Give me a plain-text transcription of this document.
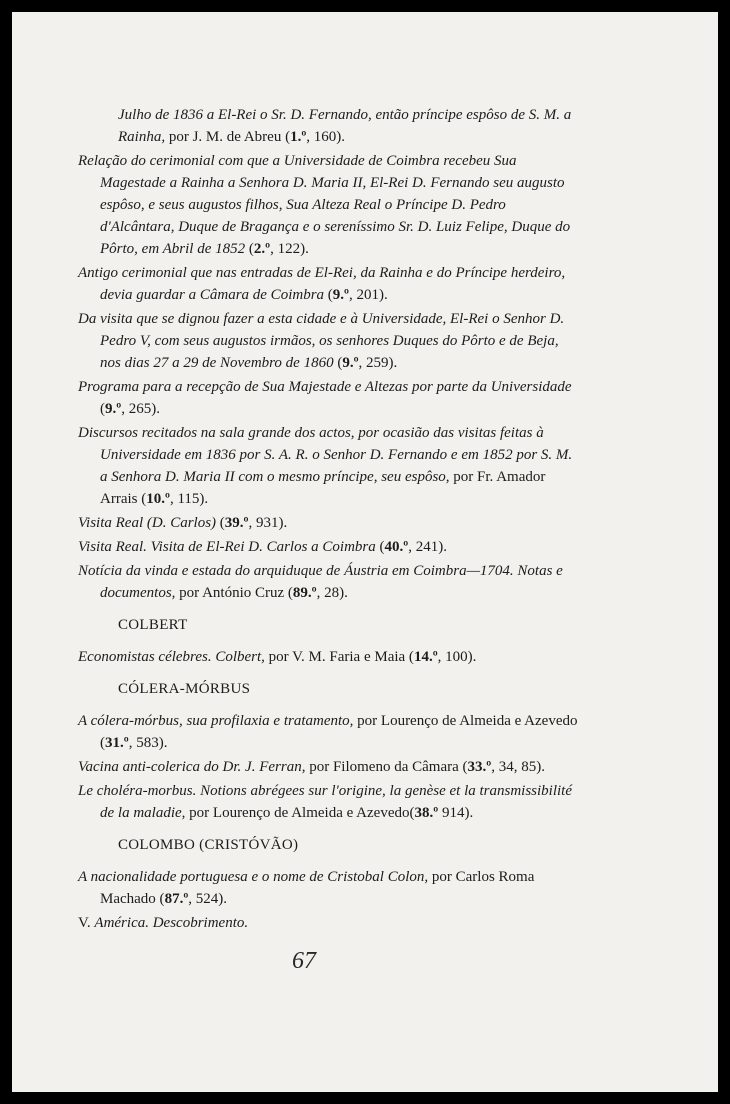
Julho de 1836 a El-Rei o Sr. D. Fernando, então príncipe espôso de S. M. a Rainha, por J. M. de Abreu (1.º, 160).
Relação do cerimonial com que a Universidade de Coimbra recebeu Sua Magestade a Rainha a Senhora D. Maria II, El-Rei D. Fernando seu augusto espôso, e seus augustos filhos, Sua Alteza Real o Príncipe D. Pedro d'Alcântara, Duque de Bragança e o sereníssimo Sr. D. Luiz Felipe, Duque do Pôrto, em Abril de 1852 (2.º, 122).
Antigo cerimonial que nas entradas de El-Rei, da Rainha e do Príncipe herdeiro, devia guardar a Câmara de Coimbra (9.º, 201).
Da visita que se dignou fazer a esta cidade e à Universidade, El-Rei o Senhor D. Pedro V, com seus augustos irmãos, os senhores Duques do Pôrto e de Beja, nos dias 27 a 29 de Novembro de 1860 (9.º, 259).
Programa para a recepção de Sua Majestade e Altezas por parte da Universidade (9.º, 265).
Discursos recitados na sala grande dos actos, por ocasião das visitas feitas à Universidade em 1836 por S. A. R. o Senhor D. Fernando e em 1852 por S. M. a Senhora D. Maria II com o mesmo príncipe, seu espôso, por Fr. Amador Arrais (10.º, 115).
Visita Real (D. Carlos) (39.º, 931).
Visita Real. Visita de El-Rei D. Carlos a Coimbra (40.º, 241).
Notícia da vinda e estada do arquiduque de Áustria em Coimbra—1704. Notas e documentos, por António Cruz (89.º, 28).
COLBERT
Economistas célebres. Colbert, por V. M. Faria e Maia (14.º, 100).
CÓLERA-MÓRBUS
A cólera-mórbus, sua profilaxia e tratamento, por Lourenço de Almeida e Azevedo (31.º, 583).
Vacina anti-colerica do Dr. J. Ferran, por Filomeno da Câmara (33.º, 34, 85).
Le choléra-morbus. Notions abrégees sur l'origine, la genèse et la transmissibilité de la maladie, por Lourenço de Almeida e Azevedo(38.º 914).
COLOMBO (CRISTÓVÃO)
A nacionalidade portuguesa e o nome de Cristobal Colon, por Carlos Roma Machado (87.º, 524).
V. América. Descobrimento.
67
